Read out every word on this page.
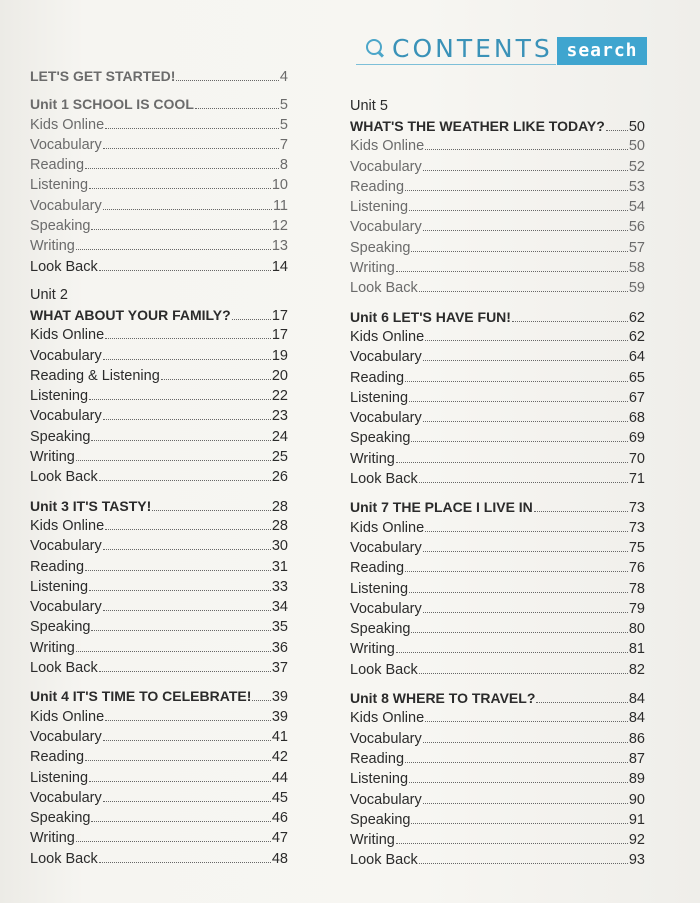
CONTENTS search
LET'S GET STARTED!	4
Unit 1 SCHOOL IS COOL	5
Kids Online	5
Vocabulary	7
Reading	8
Listening	10
Vocabulary	11
Speaking	12
Writing	13
Look Back	14
Unit 2
WHAT ABOUT YOUR FAMILY?	17
Kids Online	17
Vocabulary	19
Reading & Listening	20
Listening	22
Vocabulary	23
Speaking	24
Writing	25
Look Back	26
Unit 3 IT'S TASTY!	28
Kids Online	28
Vocabulary	30
Reading	31
Listening	33
Vocabulary	34
Speaking	35
Writing	36
Look Back	37
Unit 4 IT'S TIME TO CELEBRATE! 39
Kids Online	39
Vocabulary	41
Reading	42
Listening	44
Vocabulary	45
Speaking	46
Writing	47
Look Back	48
Unit 5
WHAT'S THE WEATHER LIKE TODAY? 50
Kids Online	50
Vocabulary	52
Reading	53
Listening	54
Vocabulary	56
Speaking	57
Writing	58
Look Back	59
Unit 6 LET'S HAVE FUN!	62
Kids Online	62
Vocabulary	64
Reading	65
Listening	67
Vocabulary	68
Speaking	69
Writing	70
Look Back	71
Unit 7 THE PLACE I LIVE IN	73
Kids Online	73
Vocabulary	75
Reading	76
Listening	78
Vocabulary	79
Speaking	80
Writing	81
Look Back	82
Unit 8 WHERE TO TRAVEL?	84
Kids Online	84
Vocabulary	86
Reading	87
Listening	89
Vocabulary	90
Speaking	91
Writing	92
Look Back	93
